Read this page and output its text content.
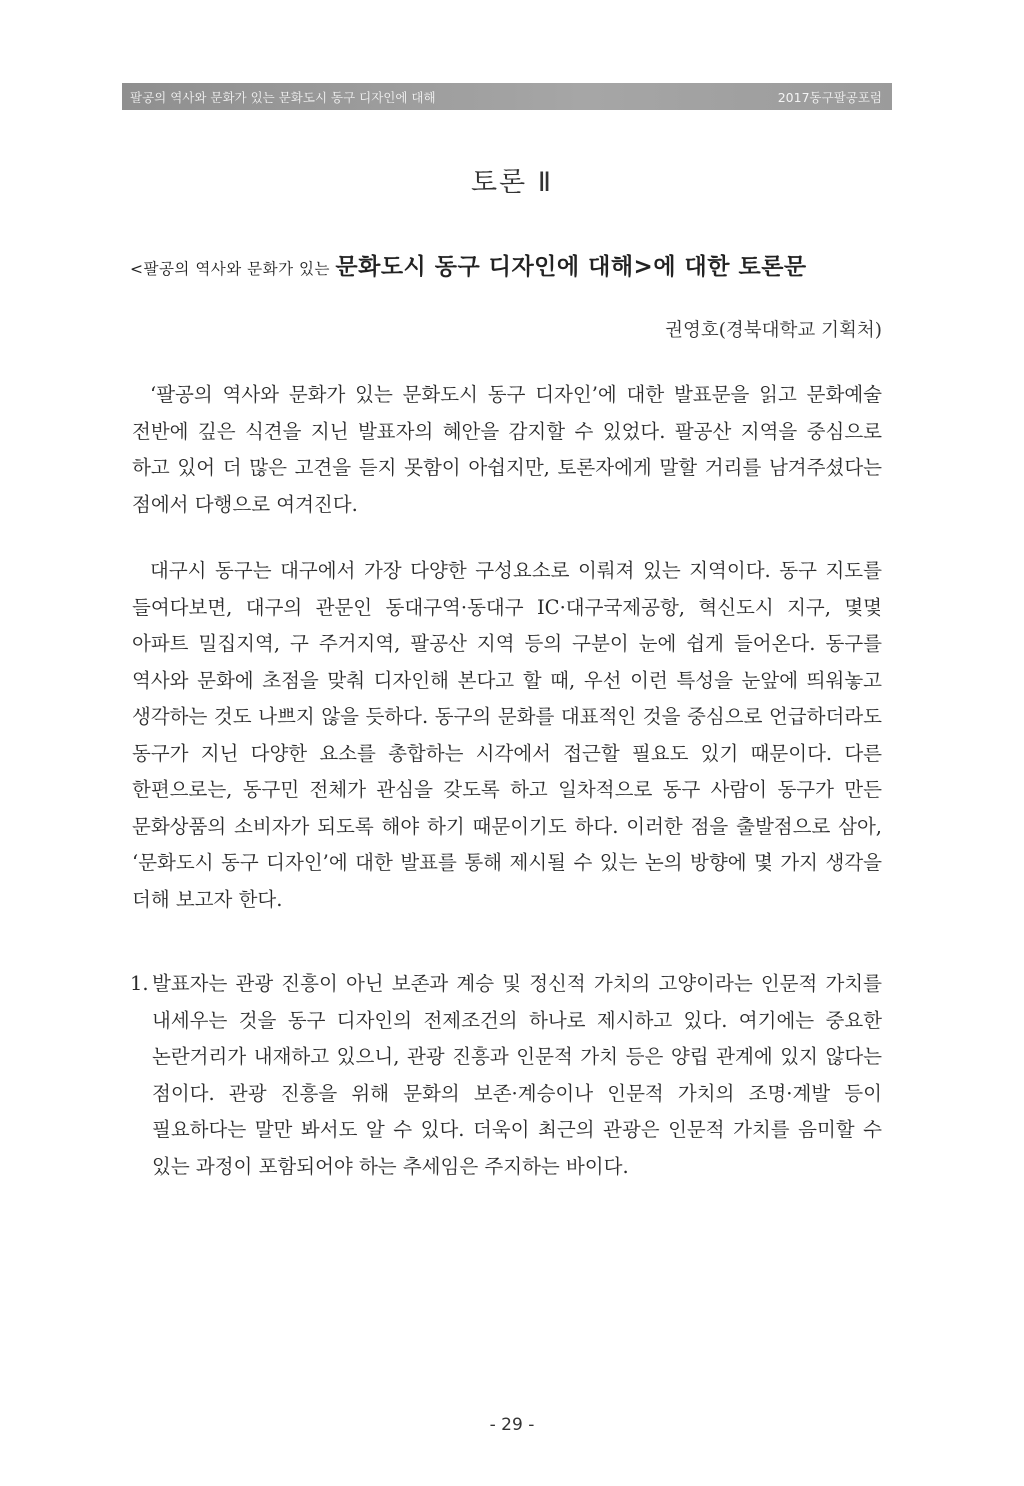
팔공의 역사와 문화가 있는 문화도시 동구 디자인에 대해	2017동구팔공포럼
토론 Ⅱ

<팔공의 역사와 문화가 있는 문화도시 동구 디자인에 대해>에 대한 토론문

권영호(경북대학교 기획처)

‘팔공의 역사와 문화가 있는 문화도시 동구 디자인’에 대한 발표문을 읽고 문화예술 전반에 깊은 식견을 지닌 발표자의 혜안을 감지할 수 있었다. 팔공산 지역을 중심으로 하고 있어 더 많은 고견을 듣지 못함이 아쉽지만, 토론자에게 말할 거리를 남겨주셨다는 점에서 다행으로 여겨진다.

대구시 동구는 대구에서 가장 다양한 구성요소로 이뤄져 있는 지역이다. 동구 지도를 들여다보면, 대구의 관문인 동대구역·동대구 IC·대구국제공항, 혁신도시 지구, 몇몇 아파트 밀집지역, 구 주거지역, 팔공산 지역 등의 구분이 눈에 쉽게 들어온다. 동구를 역사와 문화에 초점을 맞춰 디자인해 본다고 할 때, 우선 이런 특성을 눈앞에 띄워놓고 생각하는 것도 나쁘지 않을 듯하다. 동구의 문화를 대표적인 것을 중심으로 언급하더라도 동구가 지닌 다양한 요소를 총합하는 시각에서 접근할 필요도 있기 때문이다. 다른 한편으로는, 동구민 전체가 관심을 갖도록 하고 일차적으로 동구 사람이 동구가 만든 문화상품의 소비자가 되도록 해야 하기 때문이기도 하다. 이러한 점을 출발점으로 삼아, ‘문화도시 동구 디자인’에 대한 발표를 통해 제시될 수 있는 논의 방향에 몇 가지 생각을 더해 보고자 한다.

1. 발표자는 관광 진흥이 아닌 보존과 계승 및 정신적 가치의 고양이라는 인문적 가치를 내세우는 것을 동구 디자인의 전제조건의 하나로 제시하고 있다. 여기에는 중요한 논란거리가 내재하고 있으니, 관광 진흥과 인문적 가치 등은 양립 관계에 있지 않다는 점이다. 관광 진흥을 위해 문화의 보존·계승이나 인문적 가치의 조명·계발 등이 필요하다는 말만 봐서도 알 수 있다. 더욱이 최근의 관광은 인문적 가치를 음미할 수 있는 과정이 포함되어야 하는 추세임은 주지하는 바이다.

- 29 -
